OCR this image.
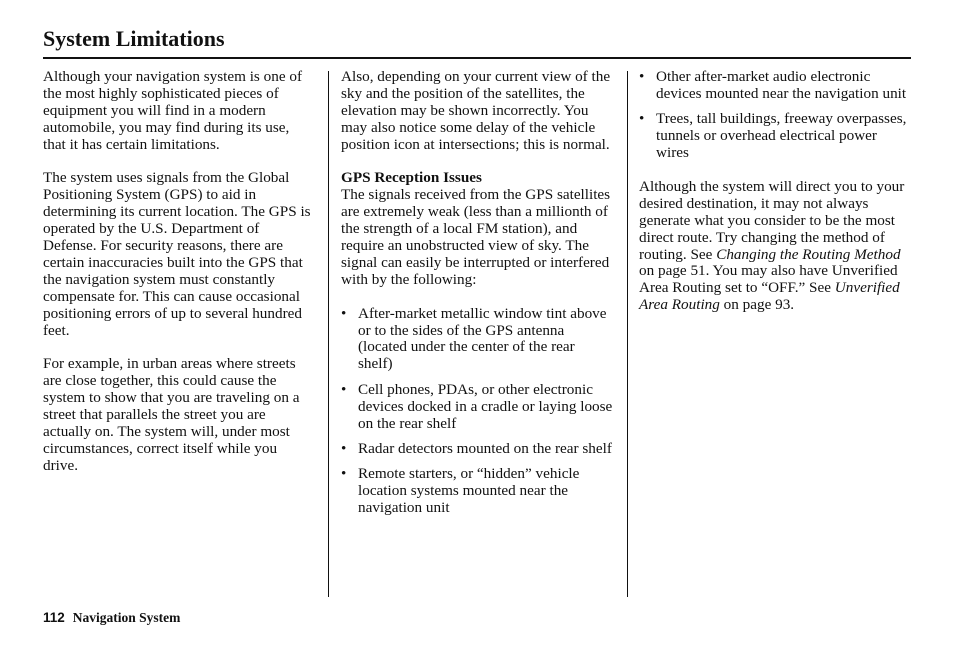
System Limitations

Although your navigation system is one of the most highly sophisticated pieces of equipment you will find in a modern automobile, you may find during its use, that it has certain limitations.

The system uses signals from the Global Positioning System (GPS) to aid in determining its current location. The GPS is operated by the U.S. Department of Defense. For security reasons, there are certain inaccuracies built into the GPS that the navigation system must constantly compensate for. This can cause occasional positioning errors of up to several hundred feet.

For example, in urban areas where streets are close together, this could cause the system to show that you are traveling on a street that parallels the street you are actually on. The system will, under most circumstances, correct itself while you drive.

Also, depending on your current view of the sky and the position of the satellites, the elevation may be shown incorrectly. You may also notice some delay of the vehicle position icon at intersections; this is normal.

GPS Reception Issues

The signals received from the GPS satellites are extremely weak (less than a millionth of the strength of a local FM station), and require an unobstructed view of sky. The signal can easily be interrupted or interfered with by the following:

• After-market metallic window tint above or to the sides of the GPS antenna (located under the center of the rear shelf)
• Cell phones, PDAs, or other electronic devices docked in a cradle or laying loose on the rear shelf
• Radar detectors mounted on the rear shelf
• Remote starters, or “hidden” vehicle location systems mounted near the navigation unit
• Other after-market audio electronic devices mounted near the navigation unit
• Trees, tall buildings, freeway overpasses, tunnels or overhead electrical power wires

Although the system will direct you to your desired destination, it may not always generate what you consider to be the most direct route. Try changing the method of routing. See Changing the Routing Method on page 51. You may also have Unverified Area Routing set to “OFF.” See Unverified Area Routing on page 93.

112 Navigation System
